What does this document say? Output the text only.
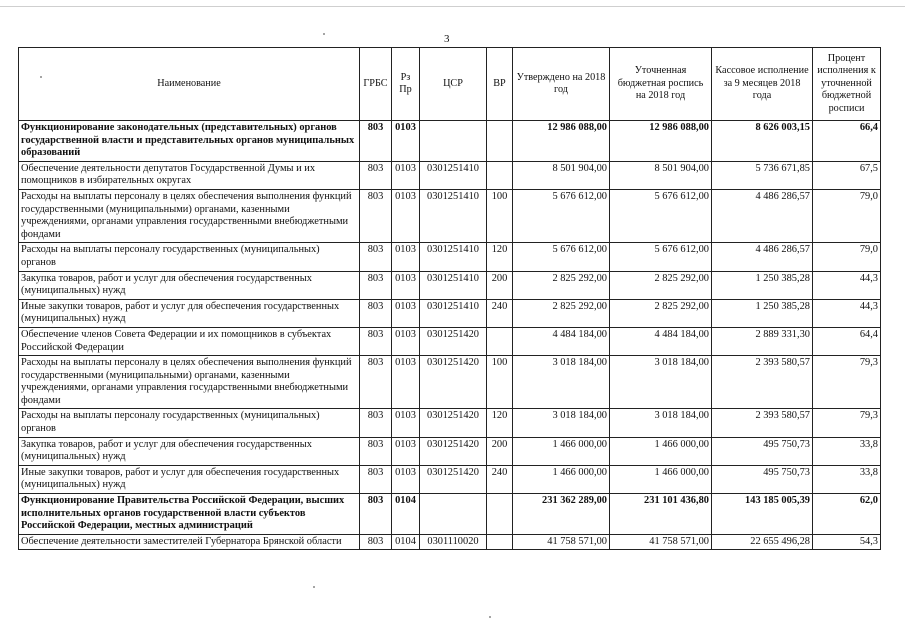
3
Наименование	ГРБС	Рз Пр	ЦСР	ВР	Утверждено на 2018 год	Уточненная бюджетная роспись на 2018 год	Кассовое исполнение за 9 месяцев 2018 года	Процент исполнения к уточненной бюджетной росписи
Функционирование законодательных (представительных) органов государственной власти и представительных органов муниципальных образований	803	0103			12 986 088,00	12 986 088,00	8 626 003,15	66,4
Обеспечение деятельности депутатов Государственной Думы и их помощников в избирательных округах	803	0103	0301251410		8 501 904,00	8 501 904,00	5 736 671,85	67,5
Расходы на выплаты персоналу в целях обеспечения выполнения функций государственными (муниципальными) органами, казенными учреждениями, органами управления государственными внебюджетными фондами	803	0103	0301251410	100	5 676 612,00	5 676 612,00	4 486 286,57	79,0
Расходы на выплаты персоналу государственных (муниципальных) органов	803	0103	0301251410	120	5 676 612,00	5 676 612,00	4 486 286,57	79,0
Закупка товаров, работ и услуг для обеспечения государственных (муниципальных) нужд	803	0103	0301251410	200	2 825 292,00	2 825 292,00	1 250 385,28	44,3
Иные закупки товаров, работ и услуг для обеспечения государственных (муниципальных) нужд	803	0103	0301251410	240	2 825 292,00	2 825 292,00	1 250 385,28	44,3
Обеспечение членов Совета Федерации и их помощников в субъектах Российской Федерации	803	0103	0301251420		4 484 184,00	4 484 184,00	2 889 331,30	64,4
Расходы на выплаты персоналу в целях обеспечения выполнения функций государственными (муниципальными) органами, казенными учреждениями, органами управления государственными внебюджетными фондами	803	0103	0301251420	100	3 018 184,00	3 018 184,00	2 393 580,57	79,3
Расходы на выплаты персоналу государственных (муниципальных) органов	803	0103	0301251420	120	3 018 184,00	3 018 184,00	2 393 580,57	79,3
Закупка товаров, работ и услуг для обеспечения государственных (муниципальных) нужд	803	0103	0301251420	200	1 466 000,00	1 466 000,00	495 750,73	33,8
Иные закупки товаров, работ и услуг для обеспечения государственных (муниципальных) нужд	803	0103	0301251420	240	1 466 000,00	1 466 000,00	495 750,73	33,8
Функционирование Правительства Российской Федерации, высших исполнительных органов государственной власти субъектов Российской Федерации, местных администраций	803	0104			231 362 289,00	231 101 436,80	143 185 005,39	62,0
Обеспечение деятельности заместителей Губернатора Брянской области	803	0104	0301110020		41 758 571,00	41 758 571,00	22 655 496,28	54,3
